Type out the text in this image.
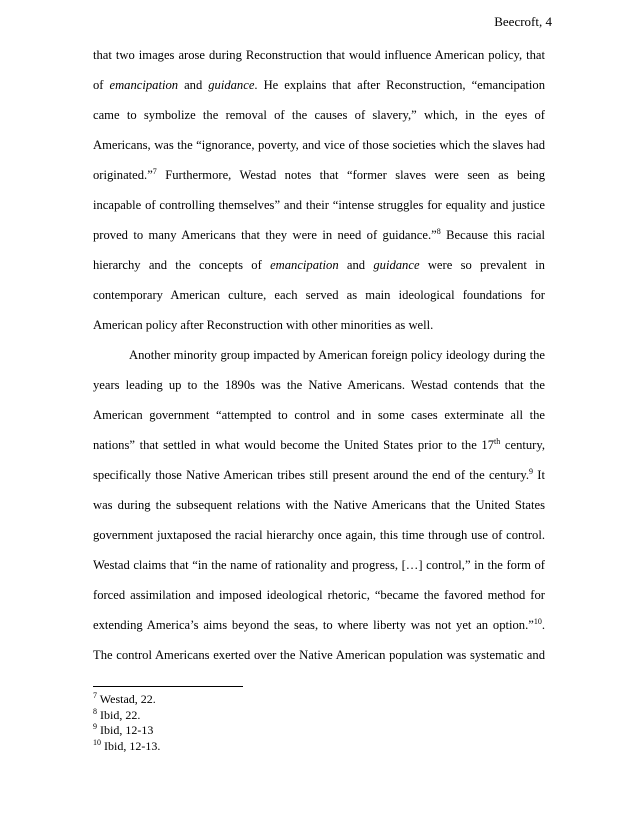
Beecroft, 4
that two images arose during Reconstruction that would influence American policy, that
of emancipation and guidance. He explains that after Reconstruction, “emancipation
came to symbolize the removal of the causes of slavery,” which, in the eyes of
Americans, was the “ignorance, poverty, and vice of those societies which the slaves had
originated.”$^7$ Furthermore, Westad notes that “former slaves were seen as being
incapable of controlling themselves” and their “intense struggles for equality and justice
proved to many Americans that they were in need of guidance.”$^8$ Because this racial
hierarchy and the concepts of emancipation and guidance were so prevalent in
contemporary American culture, each served as main ideological foundations for
American policy after Reconstruction with other minorities as well.
Another minority group impacted by American foreign policy ideology during the
years leading up to the 1890s was the Native Americans. Westad contends that the
American government “attempted to control and in some cases exterminate all the
nations” that settled in what would become the United States prior to the 17th century,
specifically those Native American tribes still present around the end of the century.$^9$ It
was during the subsequent relations with the Native Americans that the United States
government juxtaposed the racial hierarchy once again, this time through use of control.
Westad claims that “in the name of rationality and progress, […] control,” in the form of
forced assimilation and imposed ideological rhetoric, “became the favored method for
extending America’s aims beyond the seas, to where liberty was not yet an option.”$^{10}$.
The control Americans exerted over the Native American population was systematic and
$^7$ Westad, 22.
$^8$ Ibid, 22.
$^9$ Ibid, 12-13
$^{10}$ Ibid, 12-13.
